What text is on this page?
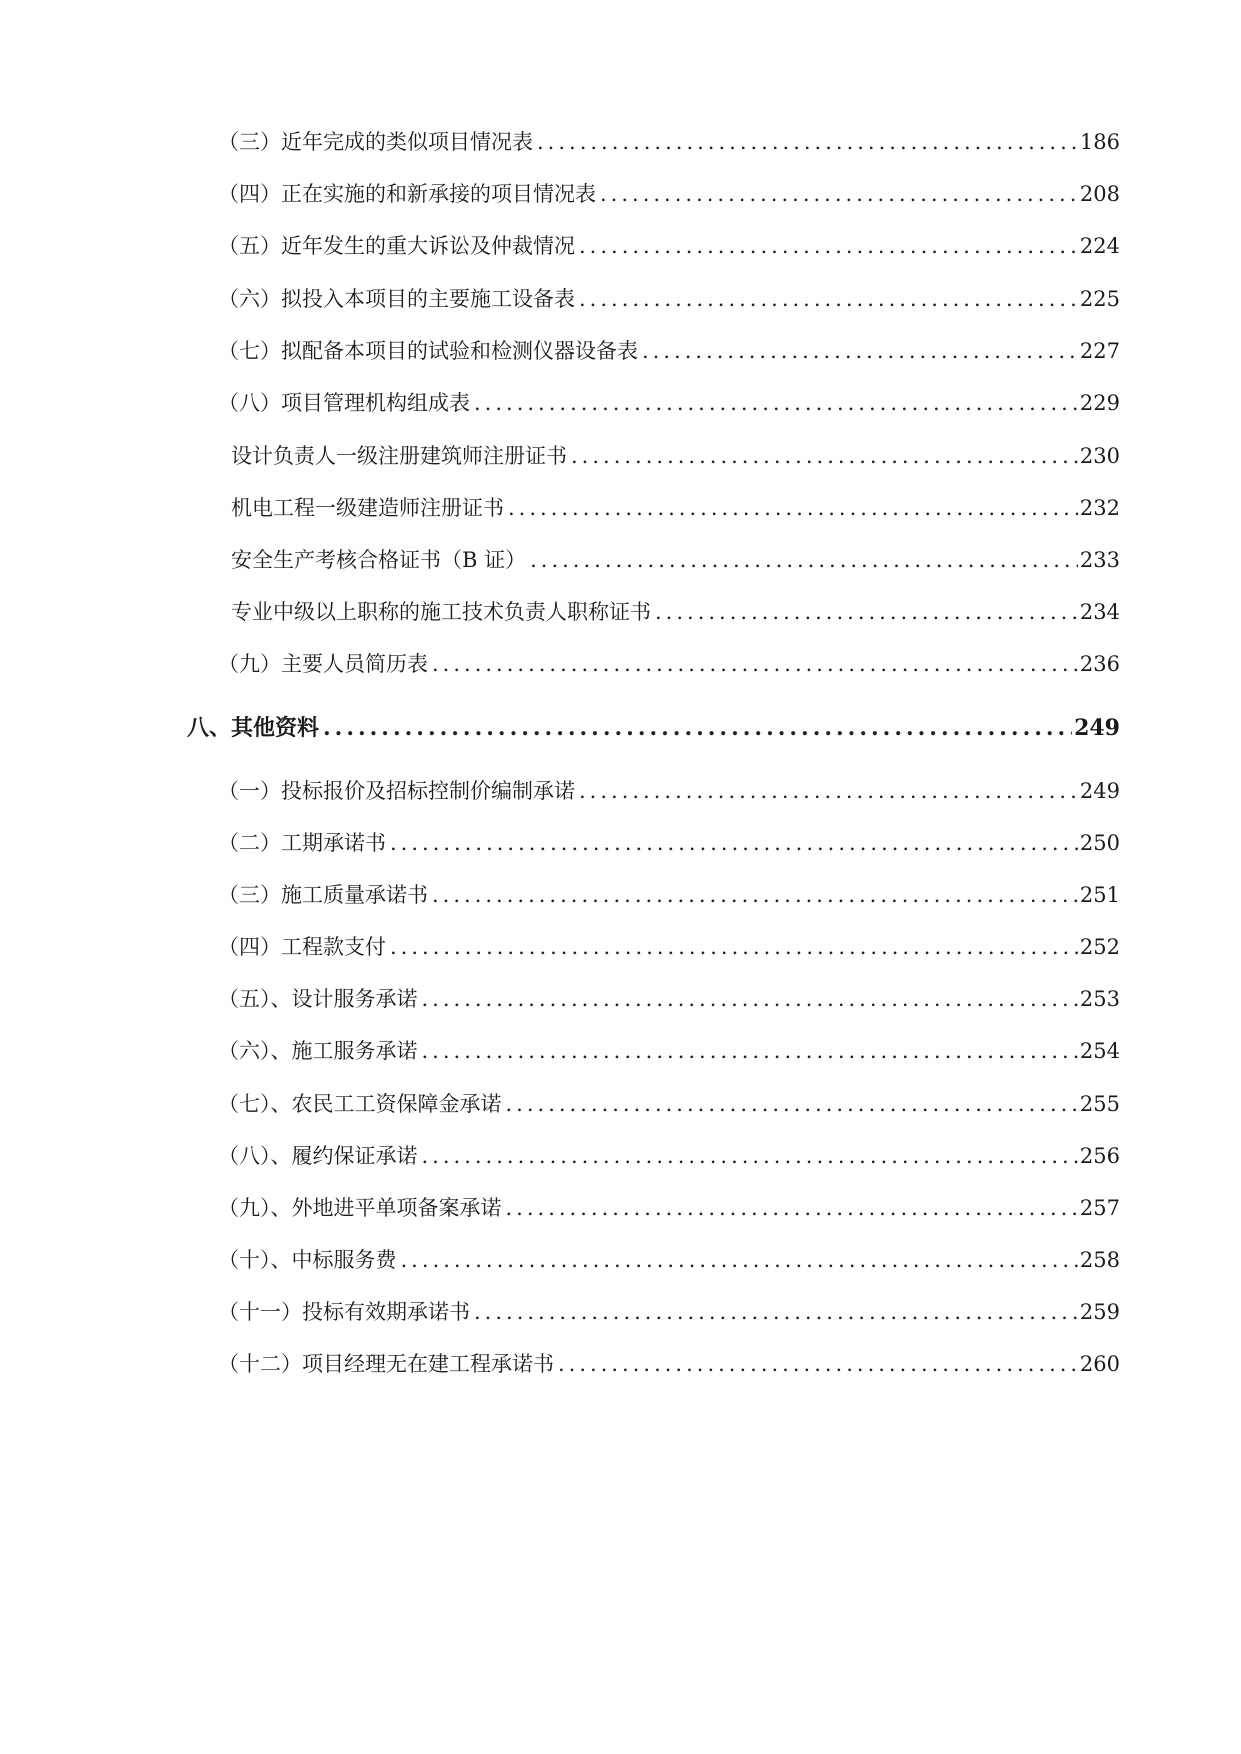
（三）近年完成的类似项目情况表 .....	186
（四）正在实施的和新承接的项目情况表 .....	208
（五）近年发生的重大诉讼及仲裁情况 .....	224
（六）拟投入本项目的主要施工设备表 .....	225
（七）拟配备本项目的试验和检测仪器设备表 .....	227
（八）项目管理机构组成表 .....	229
设计负责人一级注册建筑师注册证书 .....	230
机电工程一级建造师注册证书 .....	232
安全生产考核合格证书（B 证） .....	233
专业中级以上职称的施工技术负责人职称证书 .....	234
（九）主要人员简历表 .....	236
八、其他资料 .....	249
（一）投标报价及招标控制价编制承诺 .....	249
（二）工期承诺书 .....	250
（三）施工质量承诺书 .....	251
（四）工程款支付 .....	252
（五）、设计服务承诺 .....	253
（六）、施工服务承诺 .....	254
（七）、农民工工资保障金承诺 .....	255
（八）、履约保证承诺 .....	256
（九）、外地进平单项备案承诺 .....	257
（十）、中标服务费 .....	258
（十一）投标有效期承诺书 .....	259
（十二）项目经理无在建工程承诺书 .....	260
